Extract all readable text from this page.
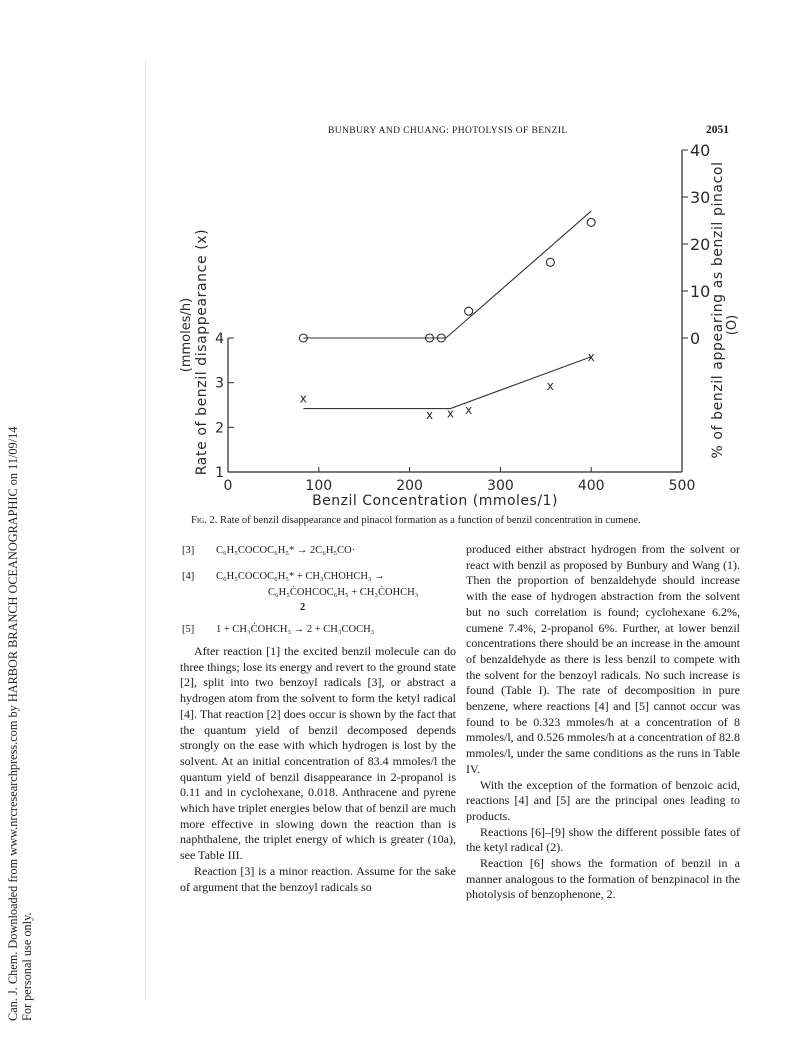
Can. J. Chem. Downloaded from www.nrcresearchpress.com by HARBOR BRANCH OCEANOGRAPHIC on 11/09/14 For personal use only.
BUNBURY AND CHUANG: PHOTOLYSIS OF BENZIL	2051
0	100	200	300	400	500
1
2
3
4	0
10
20
30
40
x
x x x
x
x
Benzil Concentration (mmoles/1)
Rate of benzil disappearance (x)
(mmoles/h)	% of benzil appearing as benzil pinacol (O)
Fig. 2. Rate of benzil disappearance and pinacol formation as a function of benzil concentration in cumene.
[3] C₆H₅COCOC₆H₅* → 2C₆H₅CO·
[4] C₆H₅COCOC₆H₅* + CH₃CHOHCH₃ →
C₆H₅ĊOHCOC₆H₅ + CH₃ĊOHCH₃
2
[5] 1 + CH₃ĊOHCH₃ → 2 + CH₃COCH₃

After reaction [1] the excited benzil molecule can do three things; lose its energy and revert to the ground state [2], split into two benzoyl radicals [3], or abstract a hydrogen atom from the solvent to form the ketyl radical [4]. That reaction [2] does occur is shown by the fact that the quantum yield of benzil decomposed depends strongly on the ease with which hydrogen is lost by the solvent. At an initial concentration of 83.4 mmoles/l the quantum yield of benzil disappearance in 2-propanol is 0.11 and in cyclohexane, 0.018. Anthracene and pyrene which have triplet energies below that of benzil are much more effective in slowing down the reaction than is naphthalene, the triplet energy of which is greater (10a), see Table III.

Reaction [3] is a minor reaction. Assume for the sake of argument that the benzoyl radicals so

produced either abstract hydrogen from the solvent or react with benzil as proposed by Bunbury and Wang (1). Then the proportion of benzaldehyde should increase with the ease of hydrogen abstraction from the solvent but no such correlation is found; cyclohexane 6.2%, cumene 7.4%, 2-propanol 6%. Further, at lower benzil concentrations there should be an increase in the amount of benzaldehyde as there is less benzil to compete with the solvent for the benzoyl radicals. No such increase is found (Table I). The rate of decomposition in pure benzene, where reactions [4] and [5] cannot occur was found to be 0.323 mmoles/h at a concentration of 8 mmoles/l, and 0.526 mmoles/h at a concentration of 82.8 mmoles/l, under the same conditions as the runs in Table IV.

With the exception of the formation of benzoic acid, reactions [4] and [5] are the principal ones leading to products.

Reactions [6]–[9] show the different possible fates of the ketyl radical (2).

Reaction [6] shows the formation of benzil in a manner analogous to the formation of benzpinacol in the photolysis of benzophenone, 2.
